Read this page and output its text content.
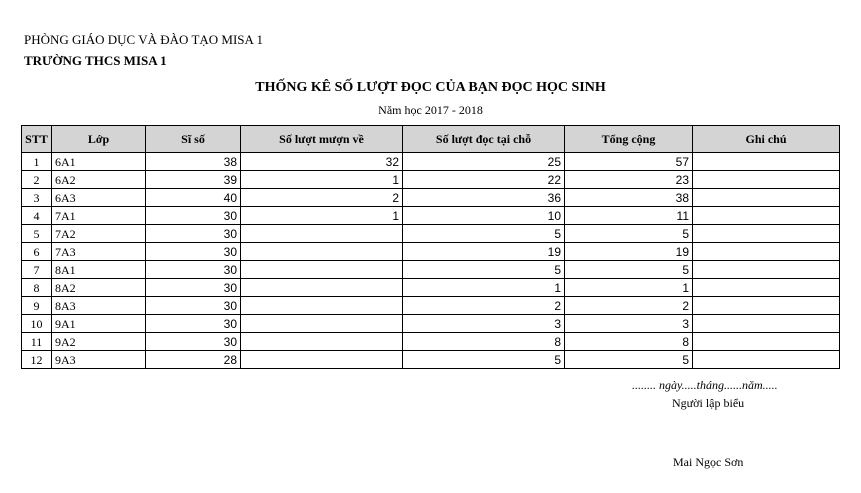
PHÒNG GIÁO DỤC VÀ ĐÀO TẠO MISA 1
TRƯỜNG THCS MISA 1
THỐNG KÊ SỐ LƯỢT ĐỌC CỦA BẠN ĐỌC HỌC SINH
Năm học 2017 - 2018
STT	Lớp	Sĩ số	Số lượt mượn về	Số lượt đọc tại chỗ	Tổng cộng	Ghi chú
1	6A1	38	32	25	57	
2	6A2	39	1	22	23	
3	6A3	40	2	36	38	
4	7A1	30	1	10	11	
5	7A2	30		5	5	
6	7A3	30		19	19	
7	8A1	30		5	5	
8	8A2	30		1	1	
9	8A3	30		2	2	
10	9A1	30		3	3	
11	9A2	30		8	8	
12	9A3	28		5	5	
........ ngày.....tháng......năm.....
Người lập biểu
Mai Ngọc Sơn
